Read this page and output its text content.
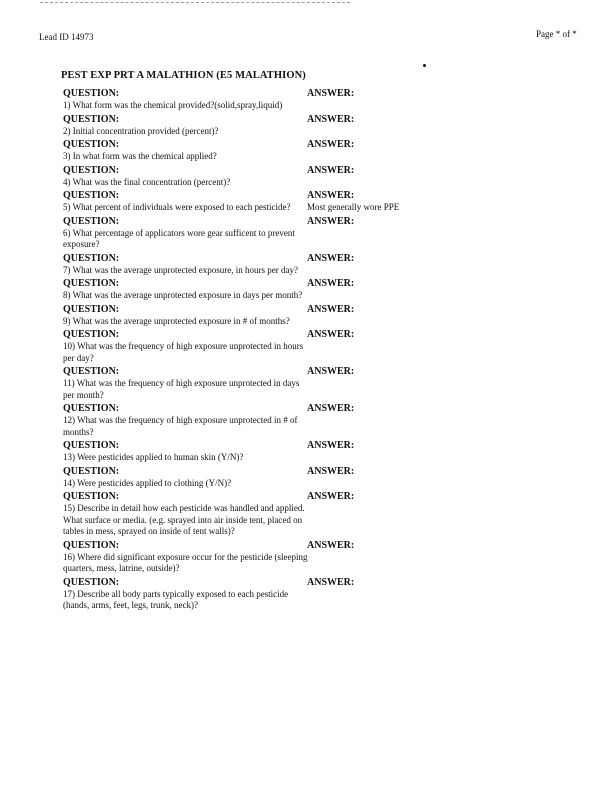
Lead ID 14973	Page * of *
PEST EXP PRT A MALATHION (E5 MALATHION)
QUESTION:
1) What form was the chemical provided?(solid,spray,liquid)
ANSWER:
QUESTION:
2) Initial concentration provided (percent)?
ANSWER:
QUESTION:
3) In what form was the chemical applied?
ANSWER:
QUESTION:
4) What was the final concentration (percent)?
ANSWER:
QUESTION:
5) What percent of individuals were exposed to each pesticide?
ANSWER:
Most generally wore PPE
QUESTION:
6) What percentage of applicators wore gear sufficent to prevent exposure?
ANSWER:
QUESTION:
7) What was the average unprotected exposure, in hours per day?
ANSWER:
QUESTION:
8) What was the average unprotected exposure in days per month?
ANSWER:
QUESTION:
9) What was the average unprotected exposure in # of months?
ANSWER:
QUESTION:
10) What was the frequency of high exposure unprotected in hours per day?
ANSWER:
QUESTION:
11) What was the frequency of high exposure unprotected in days per month?
ANSWER:
QUESTION:
12) What was the frequency of high exposure unprotected in # of months?
ANSWER:
QUESTION:
13) Were pesticides applied to human skin (Y/N)?
ANSWER:
QUESTION:
14) Were pesticides applied to clothing (Y/N)?
ANSWER:
QUESTION:
15) Describe in detail how each pesticide was handled and applied. What surface or media. (e.g. sprayed into air inside tent, placed on tables in mess, sprayed on inside of tent walls)?
ANSWER:
QUESTION:
16) Where did significant exposure occur for the pesticide (sleeping quarters, mess, latrine, outside)?
ANSWER:
QUESTION:
17) Describe all body parts typically exposed to each pesticide (hands, arms, feet, legs, trunk, neck)?
ANSWER:
